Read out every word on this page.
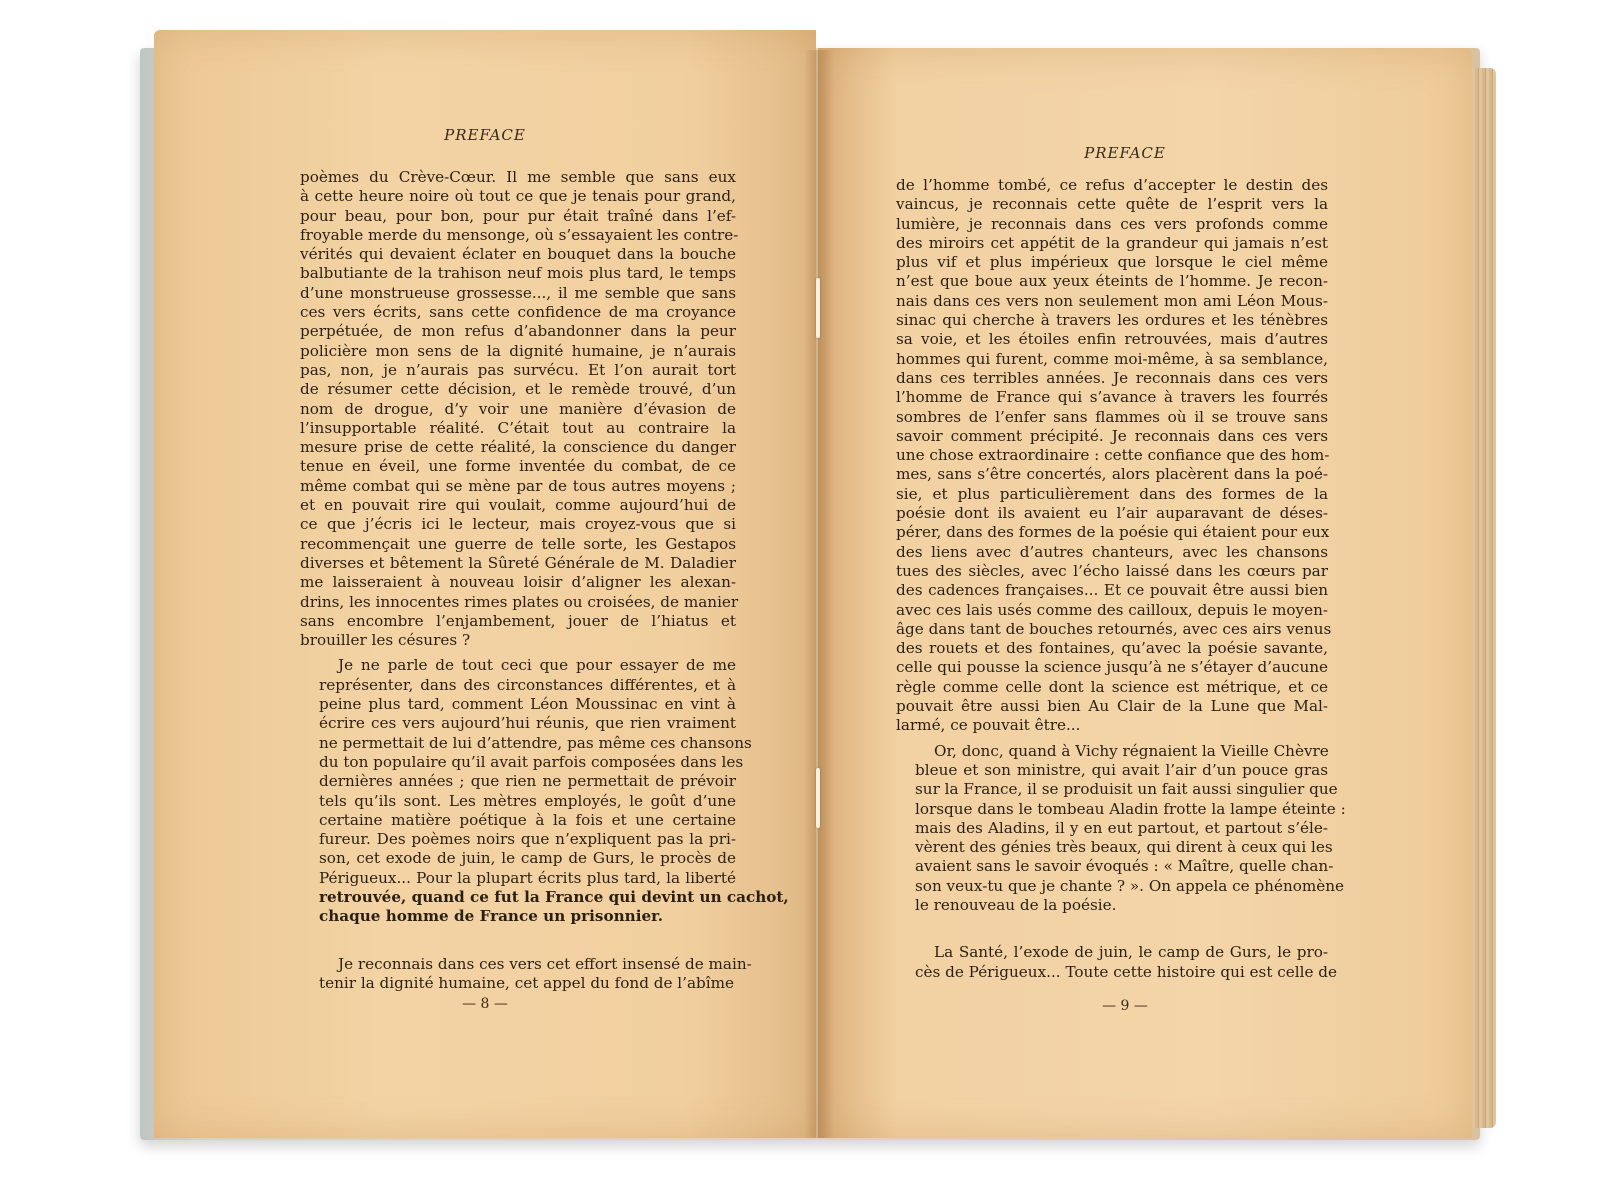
PREFACE

poèmes du Crève-Cœur. Il me semble que sans eux
à cette heure noire où tout ce que je tenais pour grand,
pour beau, pour bon, pour pur était traîné dans l’ef-
froyable merde du mensonge, où s’essayaient les contre-
vérités qui devaient éclater en bouquet dans la bouche
balbutiante de la trahison neuf mois plus tard, le temps
d’une monstrueuse grossesse..., il me semble que sans
ces vers écrits, sans cette confidence de ma croyance
perpétuée, de mon refus d’abandonner dans la peur
policière mon sens de la dignité humaine, je n’aurais
pas, non, je n’aurais pas survécu. Et l’on aurait tort
de résumer cette décision, et le remède trouvé, d’un
nom de drogue, d’y voir une manière d’évasion de
l’insupportable réalité. C’était tout au contraire la
mesure prise de cette réalité, la conscience du danger
tenue en éveil, une forme inventée du combat, de ce
même combat qui se mène par de tous autres moyens ;
et en pouvait rire qui voulait, comme aujourd’hui de
ce que j’écris ici le lecteur, mais croyez-vous que si
recommençait une guerre de telle sorte, les Gestapos
diverses et bêtement la Sûreté Générale de M. Daladier
me laisseraient à nouveau loisir d’aligner les alexan-
drins, les innocentes rimes plates ou croisées, de manier
sans encombre l’enjambement, jouer de l’hiatus et
brouiller les césures ?

Je ne parle de tout ceci que pour essayer de me
représenter, dans des circonstances différentes, et à
peine plus tard, comment Léon Moussinac en vint à
écrire ces vers aujourd’hui réunis, que rien vraiment
ne permettait de lui d’attendre, pas même ces chansons
du ton populaire qu’il avait parfois composées dans les
dernières années ; que rien ne permettait de prévoir
tels qu’ils sont. Les mètres employés, le goût d’une
certaine matière poétique à la fois et une certaine
fureur. Des poèmes noirs que n’expliquent pas la pri-
son, cet exode de juin, le camp de Gurs, le procès de
Périgueux... Pour la plupart écrits plus tard, la liberté
retrouvée, quand ce fut la France qui devint un cachot,
chaque homme de France un prisonnier.

Je reconnais dans ces vers cet effort insensé de main-
tenir la dignité humaine, cet appel du fond de l’abîme

— 8 —
PREFACE

de l’homme tombé, ce refus d’accepter le destin des
vaincus, je reconnais cette quête de l’esprit vers la
lumière, je reconnais dans ces vers profonds comme
des miroirs cet appétit de la grandeur qui jamais n’est
plus vif et plus impérieux que lorsque le ciel même
n’est que boue aux yeux éteints de l’homme. Je recon-
nais dans ces vers non seulement mon ami Léon Mous-
sinac qui cherche à travers les ordures et les ténèbres
sa voie, et les étoiles enfin retrouvées, mais d’autres
hommes qui furent, comme moi-même, à sa semblance,
dans ces terribles années. Je reconnais dans ces vers
l’homme de France qui s’avance à travers les fourrés
sombres de l’enfer sans flammes où il se trouve sans
savoir comment précipité. Je reconnais dans ces vers
une chose extraordinaire : cette confiance que des hom-
mes, sans s’être concertés, alors placèrent dans la poé-
sie, et plus particulièrement dans des formes de la
poésie dont ils avaient eu l’air auparavant de déses-
pérer, dans des formes de la poésie qui étaient pour eux
des liens avec d’autres chanteurs, avec les chansons
tues des siècles, avec l’écho laissé dans les cœurs par
des cadences françaises... Et ce pouvait être aussi bien
avec ces lais usés comme des cailloux, depuis le moyen-
âge dans tant de bouches retournés, avec ces airs venus
des rouets et des fontaines, qu’avec la poésie savante,
celle qui pousse la science jusqu’à ne s’étayer d’aucune
règle comme celle dont la science est métrique, et ce
pouvait être aussi bien Au Clair de la Lune que Mal-
larmé, ce pouvait être...

Or, donc, quand à Vichy régnaient la Vieille Chèvre
bleue et son ministre, qui avait l’air d’un pouce gras
sur la France, il se produisit un fait aussi singulier que
lorsque dans le tombeau Aladin frotte la lampe éteinte :
mais des Aladins, il y en eut partout, et partout s’éle-
vèrent des génies très beaux, qui dirent à ceux qui les
avaient sans le savoir évoqués : « Maître, quelle chan-
son veux-tu que je chante ? ». On appela ce phénomène
le renouveau de la poésie.

La Santé, l’exode de juin, le camp de Gurs, le pro-
cès de Périgueux... Toute cette histoire qui est celle de

— 9 —
